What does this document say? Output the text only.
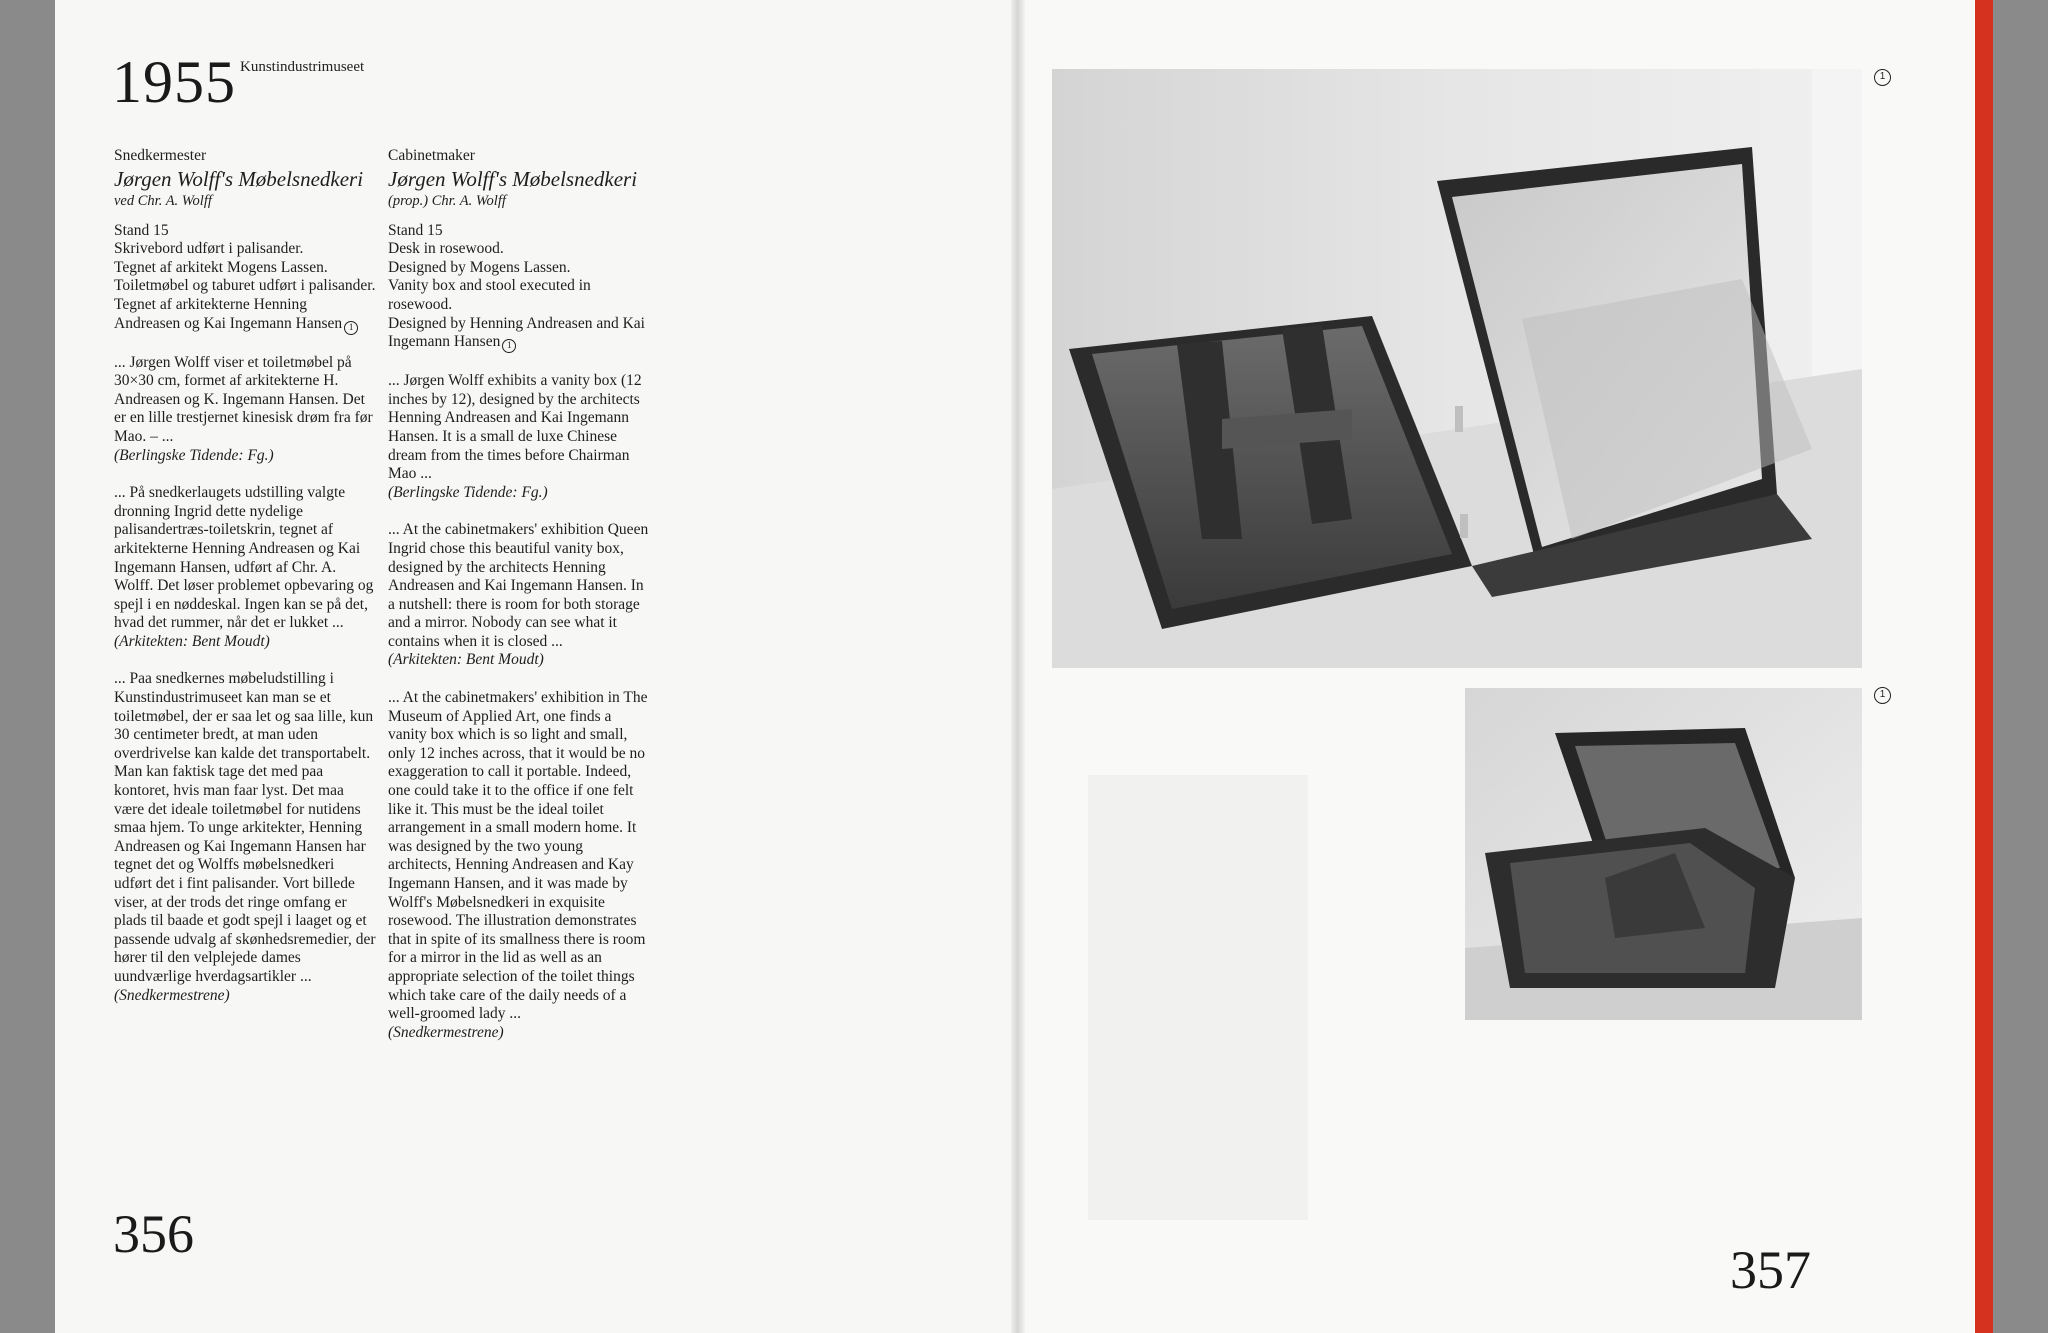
1955 Kunstindustrimuseet
Snedkermester
Jørgen Wolff's Møbelsnedkeri
ved Chr. A. Wolff

Stand 15
Skrivebord udført i palisander.
Tegnet af arkitekt Mogens Lassen.
Toiletmøbel og taburet udført i palisander.
Tegnet af arkitekterne Henning Andreasen og Kai Ingemann Hansen 1

... Jørgen Wolff viser et toiletmøbel på 30×30 cm, formet af arkitekterne H. Andreasen og K. Ingemann Hansen. Det er en lille trestjernet kinesisk drøm fra før Mao. – ...

(Berlingske Tidende: Fg.)

... På snedkerlaugets udstilling valgte dronning Ingrid dette nydelige palisandertræs-toiletskrin, tegnet af arkitekterne Henning Andreasen og Kai Ingemann Hansen, udført af Chr. A. Wolff. Det løser problemet opbevaring og spejl i en nøddeskal. Ingen kan se på det, hvad det rummer, når det er lukket ...

(Arkitekten: Bent Moudt)

... Paa snedkernes møbeludstilling i Kunstindustrimuseet kan man se et toiletmøbel, der er saa let og saa lille, kun 30 centimeter bredt, at man uden overdrivelse kan kalde det transportabelt. Man kan faktisk tage det med paa kontoret, hvis man faar lyst. Det maa være det ideale toiletmøbel for nutidens smaa hjem. To unge arkitekter, Henning Andreasen og Kai Ingemann Hansen har tegnet det og Wolffs møbelsnedkeri udført det i fint palisander. Vort billede viser, at der trods det ringe omfang er plads til baade et godt spejl i laaget og et passende udvalg af skønhedsremedier, der hører til den velplejede dames uundværlige hverdagsartikler ...

(Snedkermestrene)

Cabinetmaker
Jørgen Wolff's Møbelsnedkeri
(prop.) Chr. A. Wolff

Stand 15
Desk in rosewood.
Designed by Mogens Lassen.
Vanity box and stool executed in rosewood.
Designed by Henning Andreasen and Kai Ingemann Hansen 1

... Jørgen Wolff exhibits a vanity box (12 inches by 12), designed by the architects Henning Andreasen and Kai Ingemann Hansen. It is a small de luxe Chinese dream from the times before Chairman Mao ...

(Berlingske Tidende: Fg.)

... At the cabinetmakers' exhibition Queen Ingrid chose this beautiful vanity box, designed by the architects Henning Andreasen and Kai Ingemann Hansen. In a nutshell: there is room for both storage and a mirror. Nobody can see what it contains when it is closed ...

(Arkitekten: Bent Moudt)

... At the cabinetmakers' exhibition in The Museum of Applied Art, one finds a vanity box which is so light and small, only 12 inches across, that it would be no exaggeration to call it portable. Indeed, one could take it to the office if one felt like it. This must be the ideal toilet arrangement in a small modern home. It was designed by the two young architects, Henning Andreasen and Kay Ingemann Hansen, and it was made by Wolff's Møbelsnedkeri in exquisite rosewood. The illustration demonstrates that in spite of its smallness there is room for a mirror in the lid as well as an appropriate selection of the toilet things which take care of the daily needs of a well-groomed lady ...

(Snedkermestrene)

356
1
1
357
